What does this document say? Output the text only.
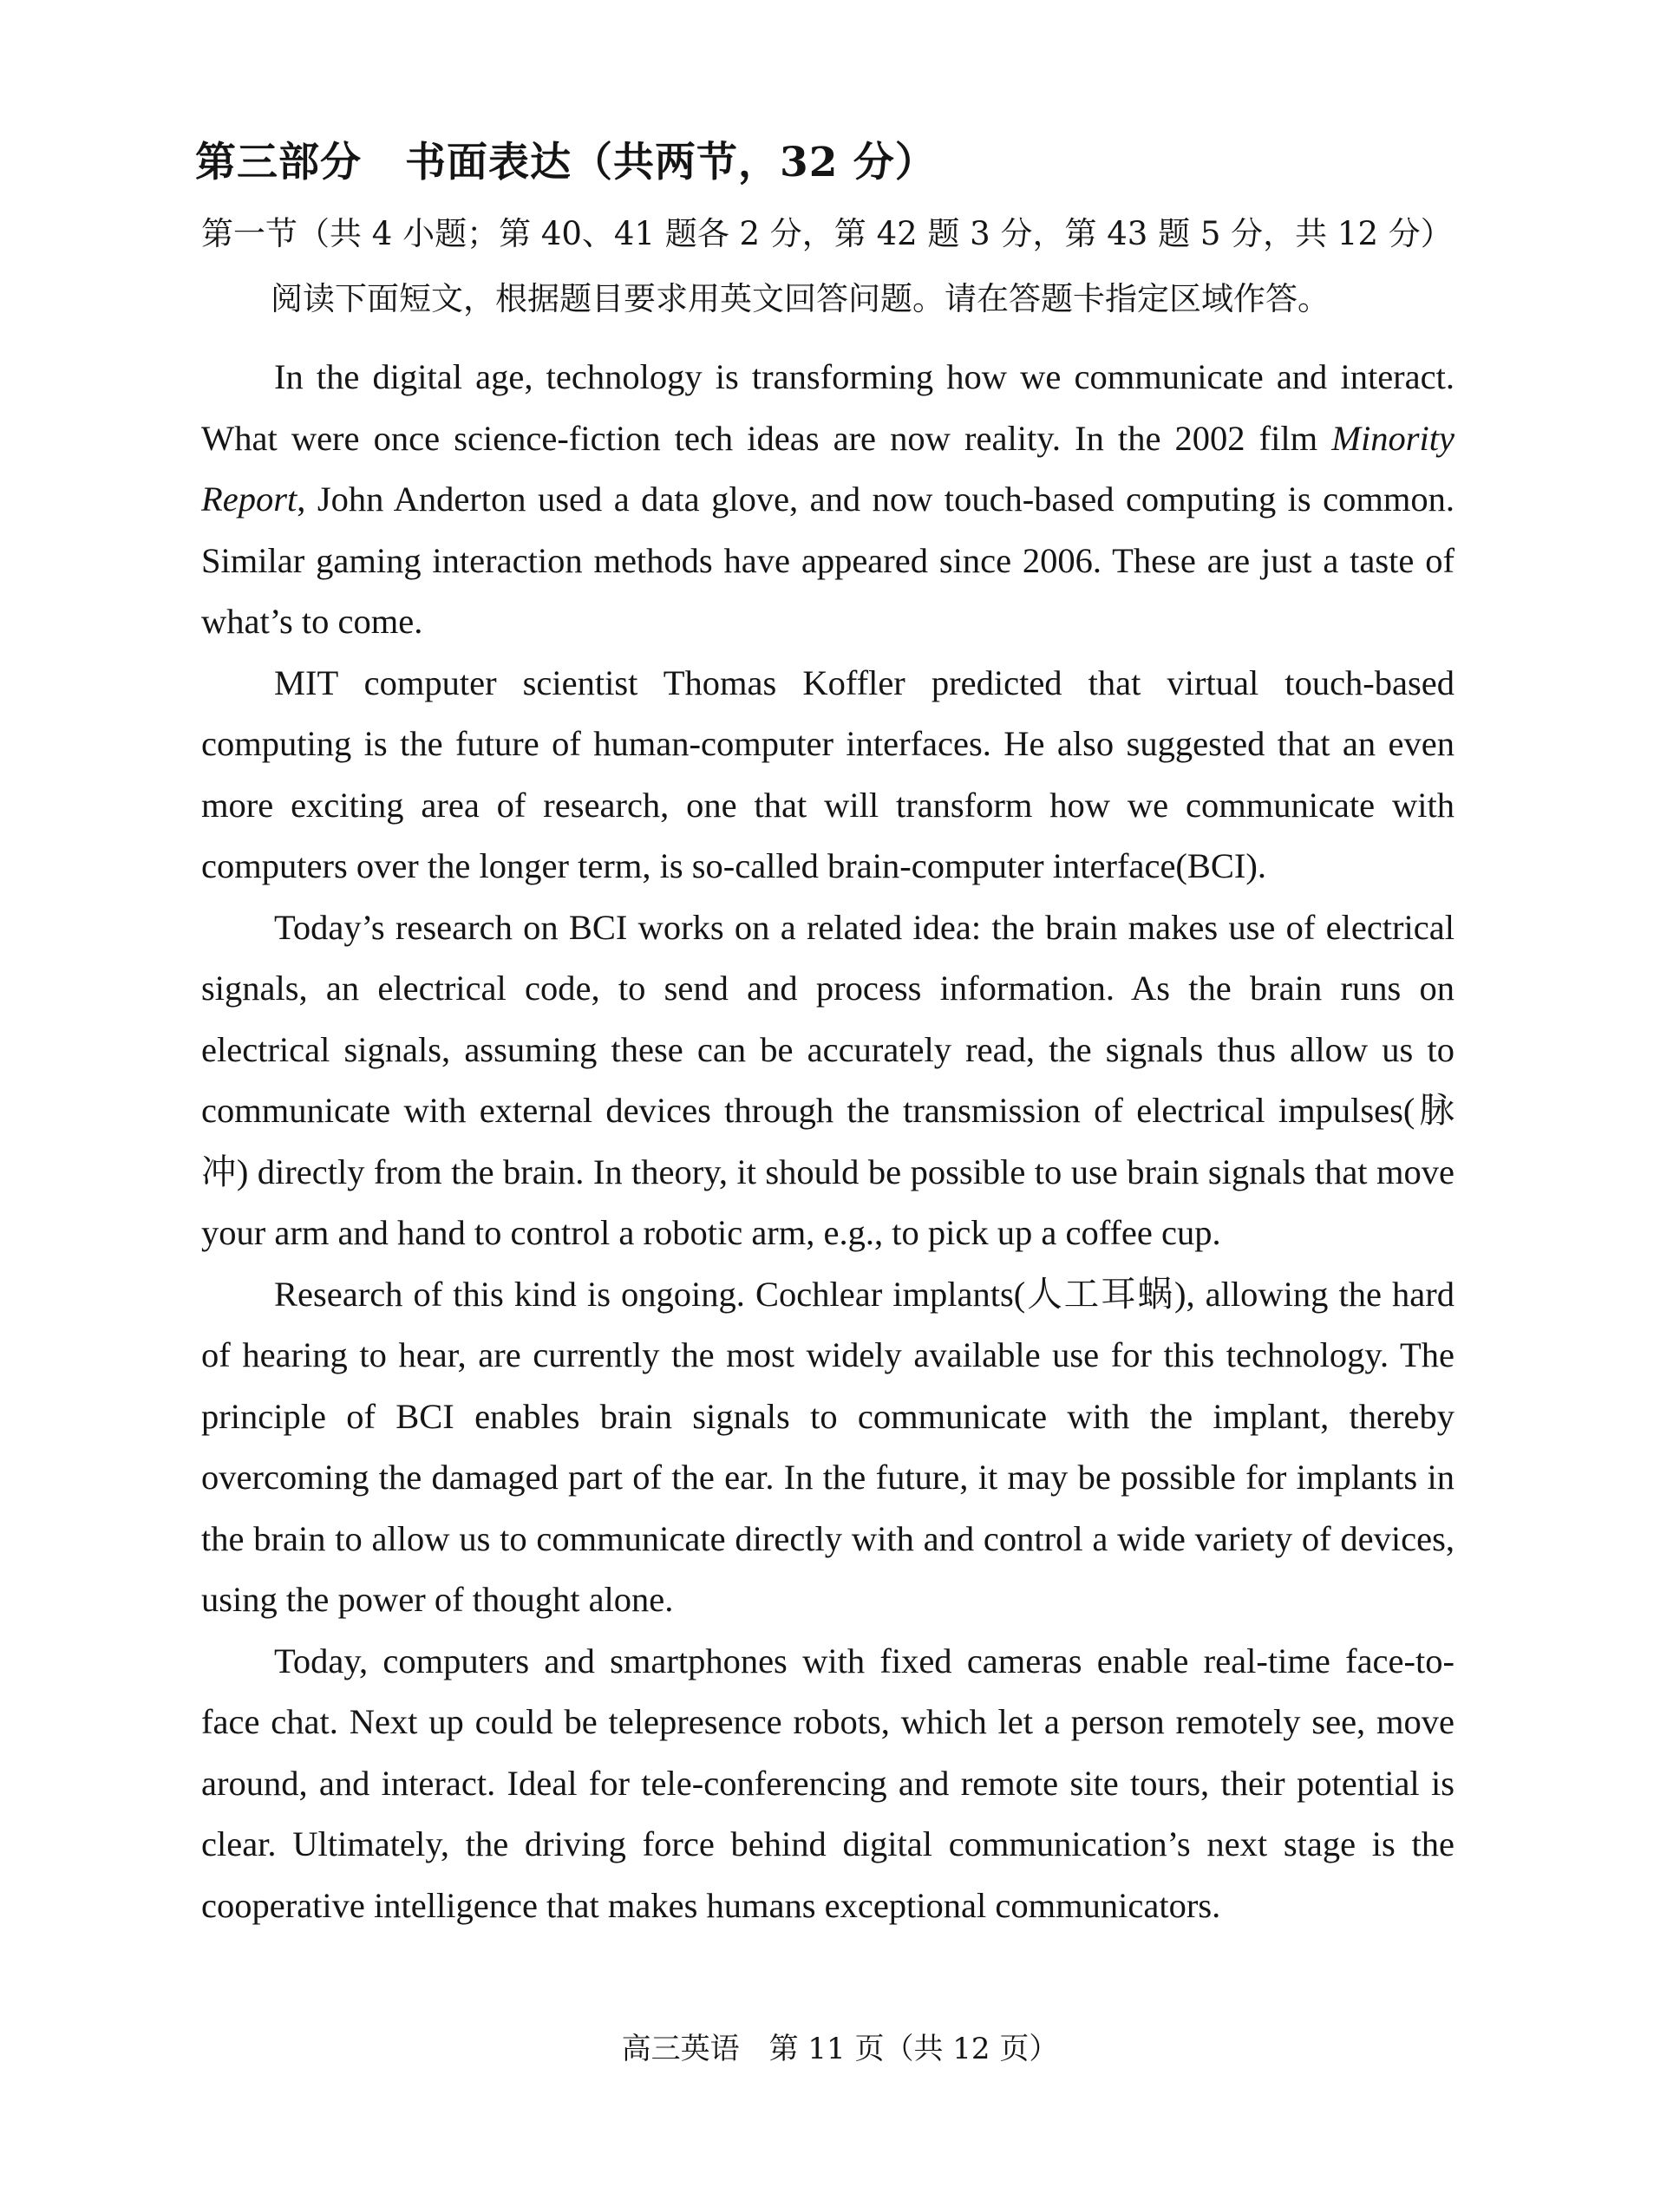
第三部分 书面表达（共两节，32 分）
第一节（共 4 小题；第 40、41 题各 2 分，第 42 题 3 分，第 43 题 5 分，共 12 分）
阅读下面短文，根据题目要求用英文回答问题。请在答题卡指定区域作答。

In the digital age, technology is transforming how we communicate and interact. What were once science-fiction tech ideas are now reality. In the 2002 film Minority Report, John Anderton used a data glove, and now touch-based computing is common. Similar gaming interaction methods have appeared since 2006. These are just a taste of what’s to come.

MIT computer scientist Thomas Koffler predicted that virtual touch-based computing is the future of human-computer interfaces. He also suggested that an even more exciting area of research, one that will transform how we communicate with computers over the longer term, is so-called brain-computer interface(BCI).

Today’s research on BCI works on a related idea: the brain makes use of electrical signals, an electrical code, to send and process information. As the brain runs on electrical signals, assuming these can be accurately read, the signals thus allow us to communicate with external devices through the transmission of electrical impulses(脉冲) directly from the brain. In theory, it should be possible to use brain signals that move your arm and hand to control a robotic arm, e.g., to pick up a coffee cup.

Research of this kind is ongoing. Cochlear implants(人工耳蜗), allowing the hard of hearing to hear, are currently the most widely available use for this technology. The principle of BCI enables brain signals to communicate with the implant, thereby overcoming the damaged part of the ear. In the future, it may be possible for implants in the brain to allow us to communicate directly with and control a wide variety of devices, using the power of thought alone.

Today, computers and smartphones with fixed cameras enable real-time face-to-face chat. Next up could be telepresence robots, which let a person remotely see, move around, and interact. Ideal for tele-conferencing and remote site tours, their potential is clear. Ultimately, the driving force behind digital communication’s next stage is the cooperative intelligence that makes humans exceptional communicators.

高三英语　第 11 页（共 12 页）
